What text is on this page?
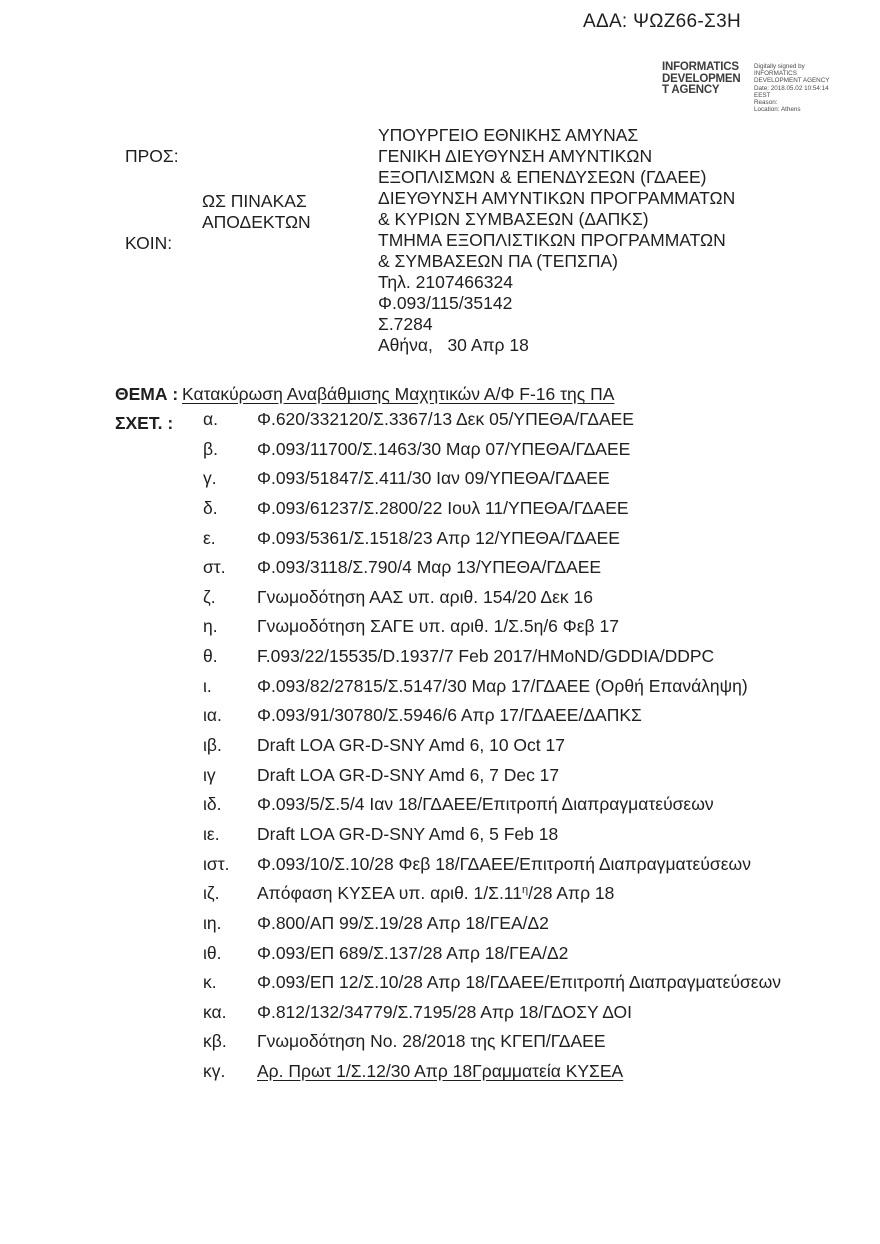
ΑΔΑ: ΨΩΖ66-Σ3Η
INFORMATICS
DEVELOPMEN
T AGENCY
Digitally signed by
INFORMATICS
DEVELOPMENT AGENCY
Date: 2018.05.02 10:54:14
EEST
Reason:
Location: Athens
ΠΡΟΣ:
ΩΣ ΠΙΝΑΚΑΣ
ΑΠΟΔΕΚΤΩΝ
ΚΟΙΝ:
ΥΠΟΥΡΓΕΙΟ ΕΘΝΙΚΗΣ ΑΜΥΝΑΣ
ΓΕΝΙΚΗ ΔΙΕΥΘΥΝΣΗ ΑΜΥΝΤΙΚΩΝ
ΕΞΟΠΛΙΣΜΩΝ & ΕΠΕΝΔΥΣΕΩΝ (ΓΔΑΕΕ)
ΔΙΕΥΘΥΝΣΗ ΑΜΥΝΤΙΚΩΝ ΠΡΟΓΡΑΜΜΑΤΩΝ
& ΚΥΡΙΩΝ ΣΥΜΒΑΣΕΩΝ (ΔΑΠΚΣ)
ΤΜΗΜΑ ΕΞΟΠΛΙΣΤΙΚΩΝ ΠΡΟΓΡΑΜΜΑΤΩΝ
& ΣΥΜΒΑΣΕΩΝ ΠΑ (ΤΕΠΣΠΑ)
Τηλ. 2107466324
Φ.093/115/35142
Σ.7284
Αθήνα,   30 Απρ 18
ΘΕΜΑ : Κατακύρωση Αναβάθμισης Μαχητικών Α/Φ F-16 της ΠΑ
ΣΧΕΤ. : α.	Φ.620/332120/Σ.3367/13 Δεκ 05/ΥΠΕΘΑ/ΓΔΑΕΕ
β.	Φ.093/11700/Σ.1463/30 Μαρ 07/ΥΠΕΘΑ/ΓΔΑΕΕ
γ.	Φ.093/51847/Σ.411/30 Ιαν 09/ΥΠΕΘΑ/ΓΔΑΕΕ
δ.	Φ.093/61237/Σ.2800/22 Ιουλ 11/ΥΠΕΘΑ/ΓΔΑΕΕ
ε.	Φ.093/5361/Σ.1518/23 Απρ 12/ΥΠΕΘΑ/ΓΔΑΕΕ
στ.	Φ.093/3118/Σ.790/4 Μαρ 13/ΥΠΕΘΑ/ΓΔΑΕΕ
ζ.	Γνωμοδότηση ΑΑΣ υπ. αριθ. 154/20 Δεκ 16
η.	Γνωμοδότηση ΣΑΓΕ υπ. αριθ. 1/Σ.5η/6 Φεβ 17
θ.	F.093/22/15535/D.1937/7 Feb 2017/HMoND/GDDIA/DDPC
ι.	Φ.093/82/27815/Σ.5147/30 Μαρ 17/ΓΔΑΕΕ (Ορθή Επανάληψη)
ια.	Φ.093/91/30780/Σ.5946/6 Απρ 17/ΓΔΑΕΕ/ΔΑΠΚΣ
ιβ.	Draft LOA GR-D-SNY Amd 6, 10 Oct 17
ιγ	Draft LOA GR-D-SNY Amd 6, 7 Dec 17
ιδ.	Φ.093/5/Σ.5/4 Ιαν 18/ΓΔΑΕΕ/Επιτροπή Διαπραγματεύσεων
ιε.	Draft LOA GR-D-SNY Amd 6, 5 Feb 18
ιστ.	Φ.093/10/Σ.10/28 Φεβ 18/ΓΔΑΕΕ/Επιτροπή Διαπραγματεύσεων
ιζ.	Απόφαση ΚΥΣΕΑ υπ. αριθ. $1/\Sigma.11^\eta/28$ Απρ 18
ιη.	Φ.800/ΑΠ 99/Σ.19/28 Απρ 18/ΓΕΑ/Δ2
ιθ.	Φ.093/ΕΠ 689/Σ.137/28 Απρ 18/ΓΕΑ/Δ2
κ.	Φ.093/ΕΠ 12/Σ.10/28 Απρ 18/ΓΔΑΕΕ/Επιτροπή Διαπραγματεύσεων
κα.	Φ.812/132/34779/Σ.7195/28 Απρ 18/ΓΔΟΣΥ ΔΟΙ
κβ.	Γνωμοδότηση No. 28/2018 της ΚΓΕΠ/ΓΔΑΕΕ
κγ.	Αρ. Πρωτ 1/Σ.12/30 Απρ 18Γραμματεία ΚΥΣΕΑ
